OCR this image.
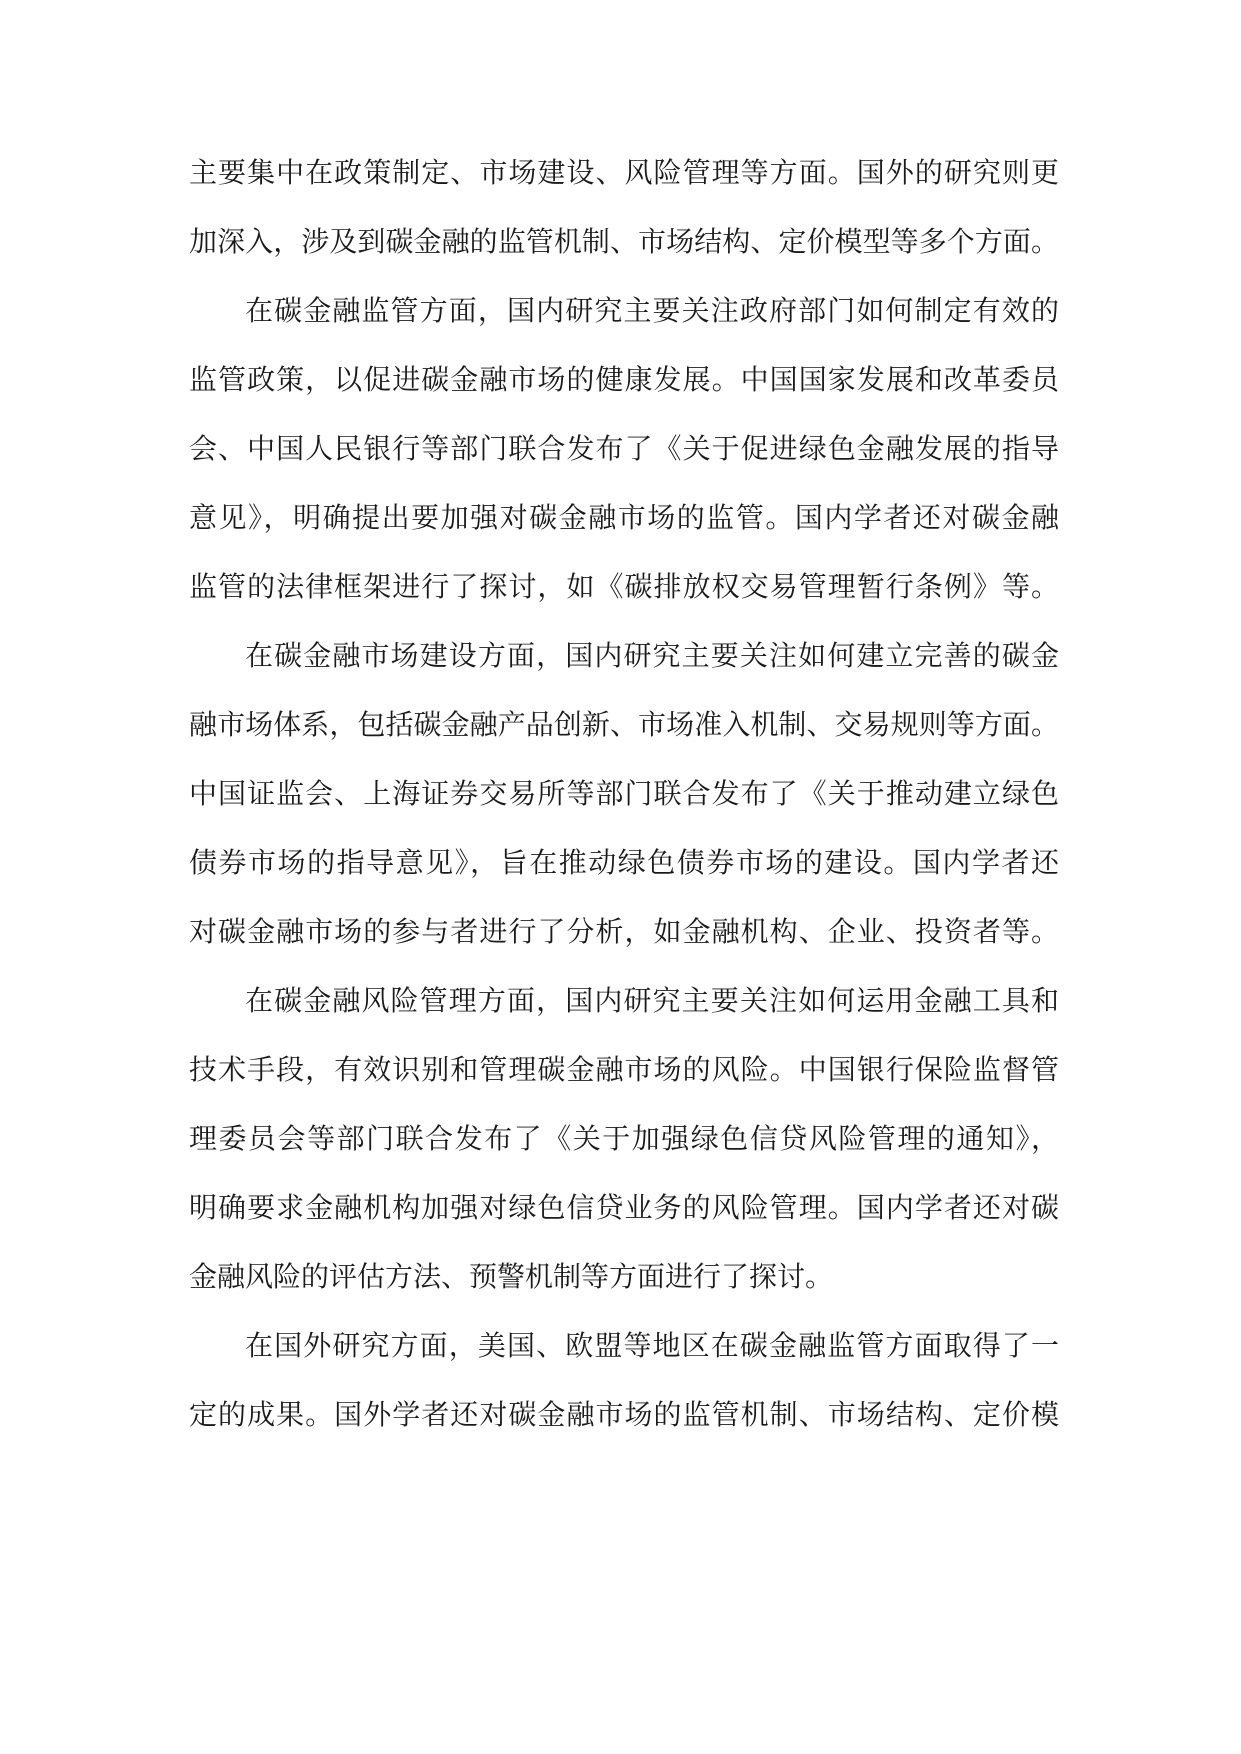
主要集中在政策制定、市场建设、风险管理等方面。国外的研究则更
加深入，涉及到碳金融的监管机制、市场结构、定价模型等多个方面。
在碳金融监管方面，国内研究主要关注政府部门如何制定有效的
监管政策，以促进碳金融市场的健康发展。中国国家发展和改革委员
会、中国人民银行等部门联合发布了《关于促进绿色金融发展的指导
意见》，明确提出要加强对碳金融市场的监管。国内学者还对碳金融
监管的法律框架进行了探讨，如《碳排放权交易管理暂行条例》等。
在碳金融市场建设方面，国内研究主要关注如何建立完善的碳金
融市场体系，包括碳金融产品创新、市场准入机制、交易规则等方面。
中国证监会、上海证券交易所等部门联合发布了《关于推动建立绿色
债券市场的指导意见》，旨在推动绿色债券市场的建设。国内学者还
对碳金融市场的参与者进行了分析，如金融机构、企业、投资者等。
在碳金融风险管理方面，国内研究主要关注如何运用金融工具和
技术手段，有效识别和管理碳金融市场的风险。中国银行保险监督管
理委员会等部门联合发布了《关于加强绿色信贷风险管理的通知》，
明确要求金融机构加强对绿色信贷业务的风险管理。国内学者还对碳
金融风险的评估方法、预警机制等方面进行了探讨。
在国外研究方面，美国、欧盟等地区在碳金融监管方面取得了一
定的成果。国外学者还对碳金融市场的监管机制、市场结构、定价模
